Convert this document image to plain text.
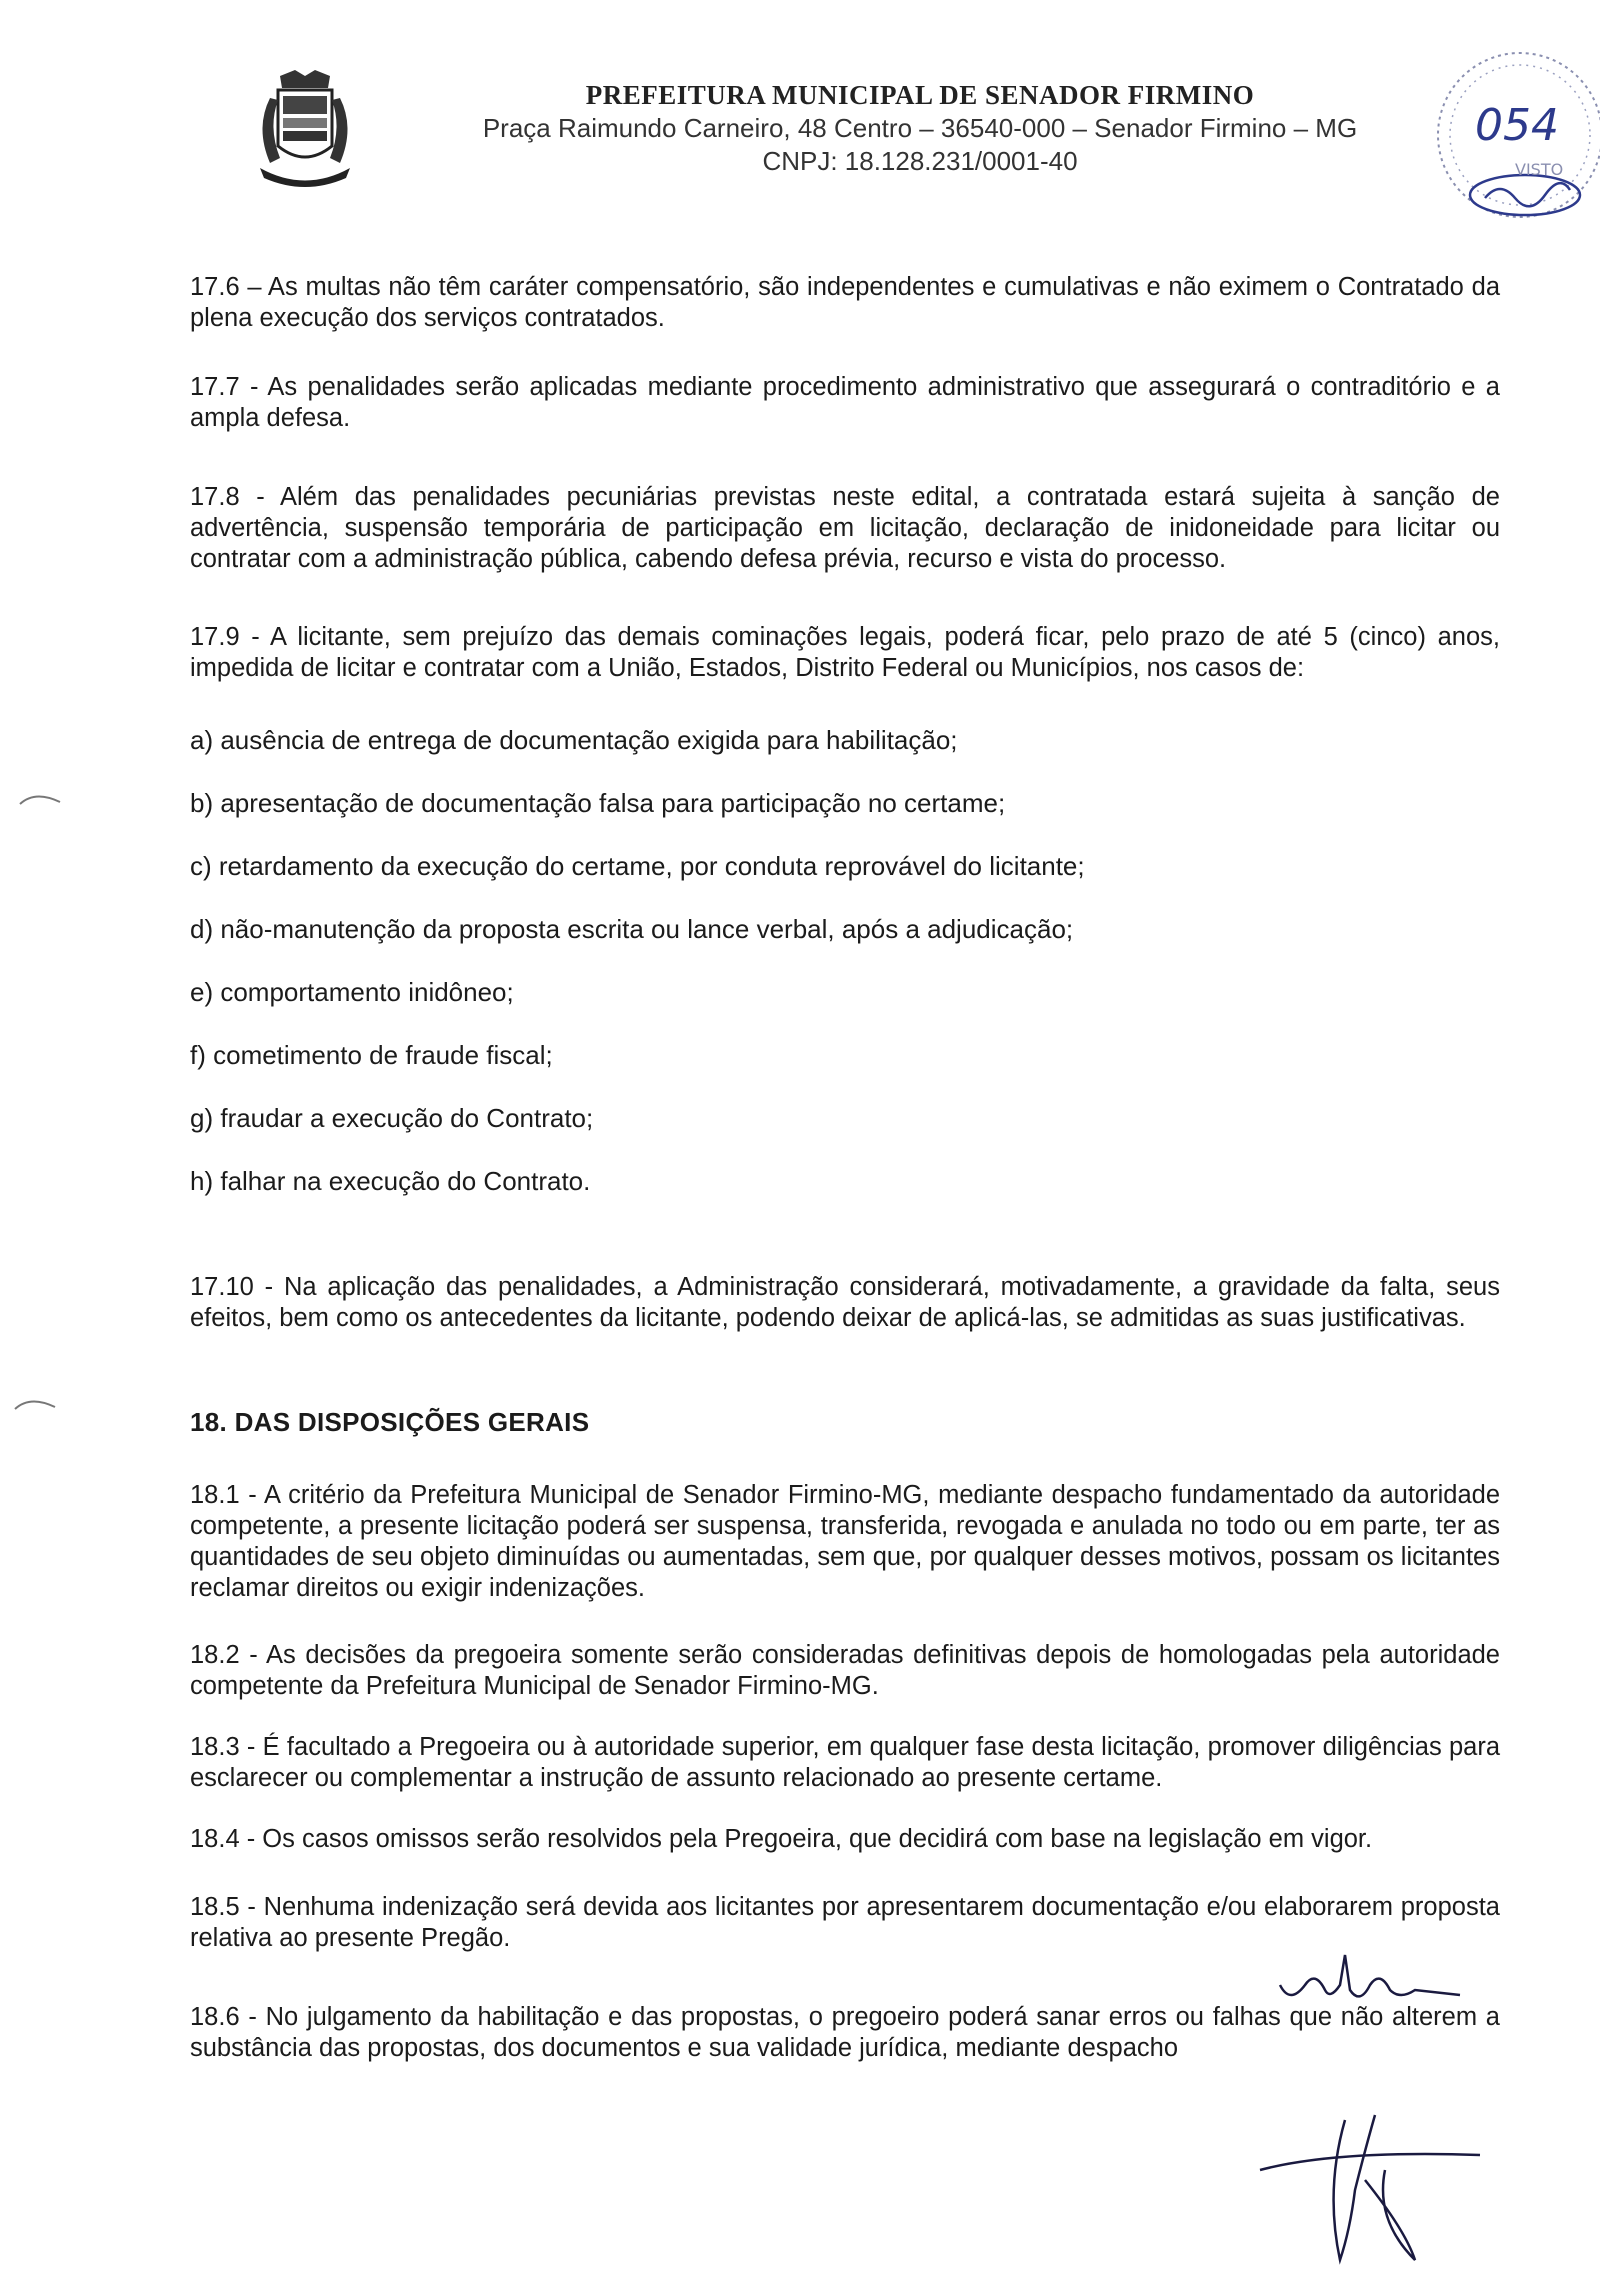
PREFEITURA MUNICIPAL DE SENADOR FIRMINO
Praça Raimundo Carneiro, 48 Centro – 36540-000 – Senador Firmino – MG
CNPJ: 18.128.231/0001-40
054
VISTO

17.6 – As multas não têm caráter compensatório, são independentes e cumulativas e não eximem o Contratado da plena execução dos serviços contratados.

17.7 - As penalidades serão aplicadas mediante procedimento administrativo que assegurará o contraditório e a ampla defesa.

17.8 - Além das penalidades pecuniárias previstas neste edital, a contratada estará sujeita à sanção de advertência, suspensão temporária de participação em licitação, declaração de inidoneidade para licitar ou contratar com a administração pública, cabendo defesa prévia, recurso e vista do processo.

17.9 - A licitante, sem prejuízo das demais cominações legais, poderá ficar, pelo prazo de até 5 (cinco) anos, impedida de licitar e contratar com a União, Estados, Distrito Federal ou Municípios, nos casos de:

a) ausência de entrega de documentação exigida para habilitação;
b) apresentação de documentação falsa para participação no certame;
c) retardamento da execução do certame, por conduta reprovável do licitante;
d) não-manutenção da proposta escrita ou lance verbal, após a adjudicação;
e) comportamento inidôneo;
f) cometimento de fraude fiscal;
g) fraudar a execução do Contrato;
h) falhar na execução do Contrato.

17.10 - Na aplicação das penalidades, a Administração considerará, motivadamente, a gravidade da falta, seus efeitos, bem como os antecedentes da licitante, podendo deixar de aplicá-las, se admitidas as suas justificativas.

18. DAS DISPOSIÇÕES GERAIS

18.1 - A critério da Prefeitura Municipal de Senador Firmino-MG, mediante despacho fundamentado da autoridade competente, a presente licitação poderá ser suspensa, transferida, revogada e anulada no todo ou em parte, ter as quantidades de seu objeto diminuídas ou aumentadas, sem que, por qualquer desses motivos, possam os licitantes reclamar direitos ou exigir indenizações.

18.2 - As decisões da pregoeira somente serão consideradas definitivas depois de homologadas pela autoridade competente da Prefeitura Municipal de Senador Firmino-MG.

18.3 - É facultado a Pregoeira ou à autoridade superior, em qualquer fase desta licitação, promover diligências para esclarecer ou complementar a instrução de assunto relacionado ao presente certame.

18.4 - Os casos omissos serão resolvidos pela Pregoeira, que decidirá com base na legislação em vigor.

18.5 - Nenhuma indenização será devida aos licitantes por apresentarem documentação e/ou elaborarem proposta relativa ao presente Pregão.

18.6 - No julgamento da habilitação e das propostas, o pregoeiro poderá sanar erros ou falhas que não alterem a substância das propostas, dos documentos e sua validade jurídica, mediante despacho
